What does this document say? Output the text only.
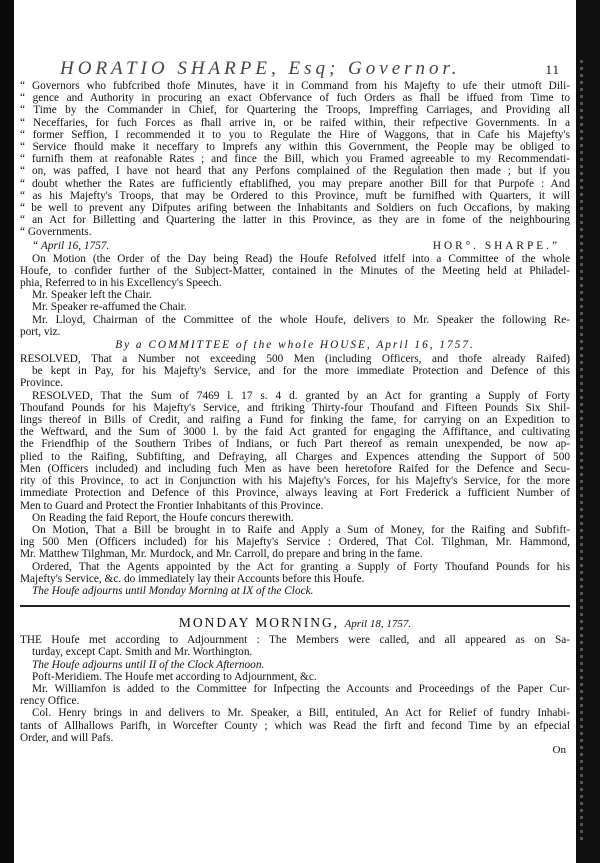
HORATIO SHARPE, Esq; Governor.	11
“ Governors who fubfcribed thofe Minutes, have it in Command from his Majefty to ufe their utmoft Dili-
“ gence and Authority in procuring an exact Obfervance of fuch Orders as fhall be iffued from Time to
“ Time by the Commander in Chief, for Quartering the Troops, Impreffing Carriages, and Providing all
“ Neceffaries, for fuch Forces as fhall arrive in, or be raifed within, their refpective Governments. In a
“ former Seffion, I recommended it to you to Regulate the Hire of Waggons, that in Cafe his Majefty's
“ Service fhould make it neceffary to Imprefs any within this Government, the People may be obliged to
“ furnifh them at reafonable Rates ; and fince the Bill, which you Framed agreeable to my Recommendati-
“ on, was paffed, I have not heard that any Perfons complained of the Regulation then made ; but if you
“ doubt whether the Rates are fufficiently eftablifhed, you may prepare another Bill for that Purpofe : And
“ as his Majefty's Troops, that may be Ordered to this Province, muft be furnifhed with Quarters, it will
“ be well to prevent any Difputes arifing between the Inhabitants and Soldiers on fuch Occafions, by making
“ an Act for Billetting and Quartering the latter in this Province, as they are in fome of the neighbouring
“ Governments.
“ April 16, 1757.	HOR°. SHARPE.”
On Motion (the Order of the Day being Read) the Houfe Refolved itfelf into a Committee of the whole
Houfe, to confider further of the Subject-Matter, contained in the Minutes of the Meeting held at Philadel-
phia, Referred to in his Excellency's Speech.
Mr. Speaker left the Chair.
Mr. Speaker re-affumed the Chair.
Mr. Lloyd, Chairman of the Committee of the whole Houfe, delivers to Mr. Speaker the following Re-
port, viz.
By a COMMITTEE of the whole HOUSE, April 16, 1757.
RESOLVED, That a Number not exceeding 500 Men (including Officers, and thofe already Raifed)
be kept in Pay, for his Majefty's Service, and for the more immediate Protection and Defence of this
Province.
RESOLVED, That the Sum of 7469 l. 17 s. 4 d. granted by an Act for granting a Supply of Forty
Thoufand Pounds for his Majefty's Service, and ftriking Thirty-four Thoufand and Fifteen Pounds Six Shil-
lings thereof in Bills of Credit, and raifing a Fund for finking the fame, for carrying on an Expedition to
the Weftward, and the Sum of 3000 l. by the faid Act granted for engaging the Affiftance, and cultivating
the Friendfhip of the Southern Tribes of Indians, or fuch Part thereof as remain unexpended, be now ap-
plied to the Raifing, Subfifting, and Defraying, all Charges and Expences attending the Support of 500
Men (Officers included) and including fuch Men as have been heretofore Raifed for the Defence and Secu-
rity of this Province, to act in Conjunction with his Majefty's Forces, for his Majefty's Service, for the more
immediate Protection and Defence of this Province, always leaving at Fort Frederick a fufficient Number of
Men to Guard and Protect the Frontier Inhabitants of this Province.
On Reading the faid Report, the Houfe concurs therewith.
On Motion, That a Bill be brought in to Raife and Apply a Sum of Money, for the Raifing and Subfift-
ing 500 Men (Officers included) for his Majefty's Service : Ordered, That Col. Tilghman, Mr. Hammond,
Mr. Matthew Tilghman, Mr. Murdock, and Mr. Carroll, do prepare and bring in the fame.
Ordered, That the Agents appointed by the Act for granting a Supply of Forty Thoufand Pounds for his
Majefty's Service, &c. do immediately lay their Accounts before this Houfe.
The Houfe adjourns until Monday Morning at IX of the Clock.
MONDAY MORNING, April 18, 1757.
THE Houfe met according to Adjournment : The Members were called, and all appeared as on Sa-
turday, except Capt. Smith and Mr. Worthington.
The Houfe adjourns until II of the Clock Afternoon.
Poft-Meridiem. The Houfe met according to Adjournment, &c.
Mr. Williamfon is added to the Committee for Infpecting the Accounts and Proceedings of the Paper Cur-
rency Office.
Col. Henry brings in and delivers to Mr. Speaker, a Bill, entituled, An Act for Relief of fundry Inhabi-
tants of Allhallows Parifh, in Worcefter County ; which was Read the firft and fecond Time by an efpecial
Order, and will Pafs.
On
